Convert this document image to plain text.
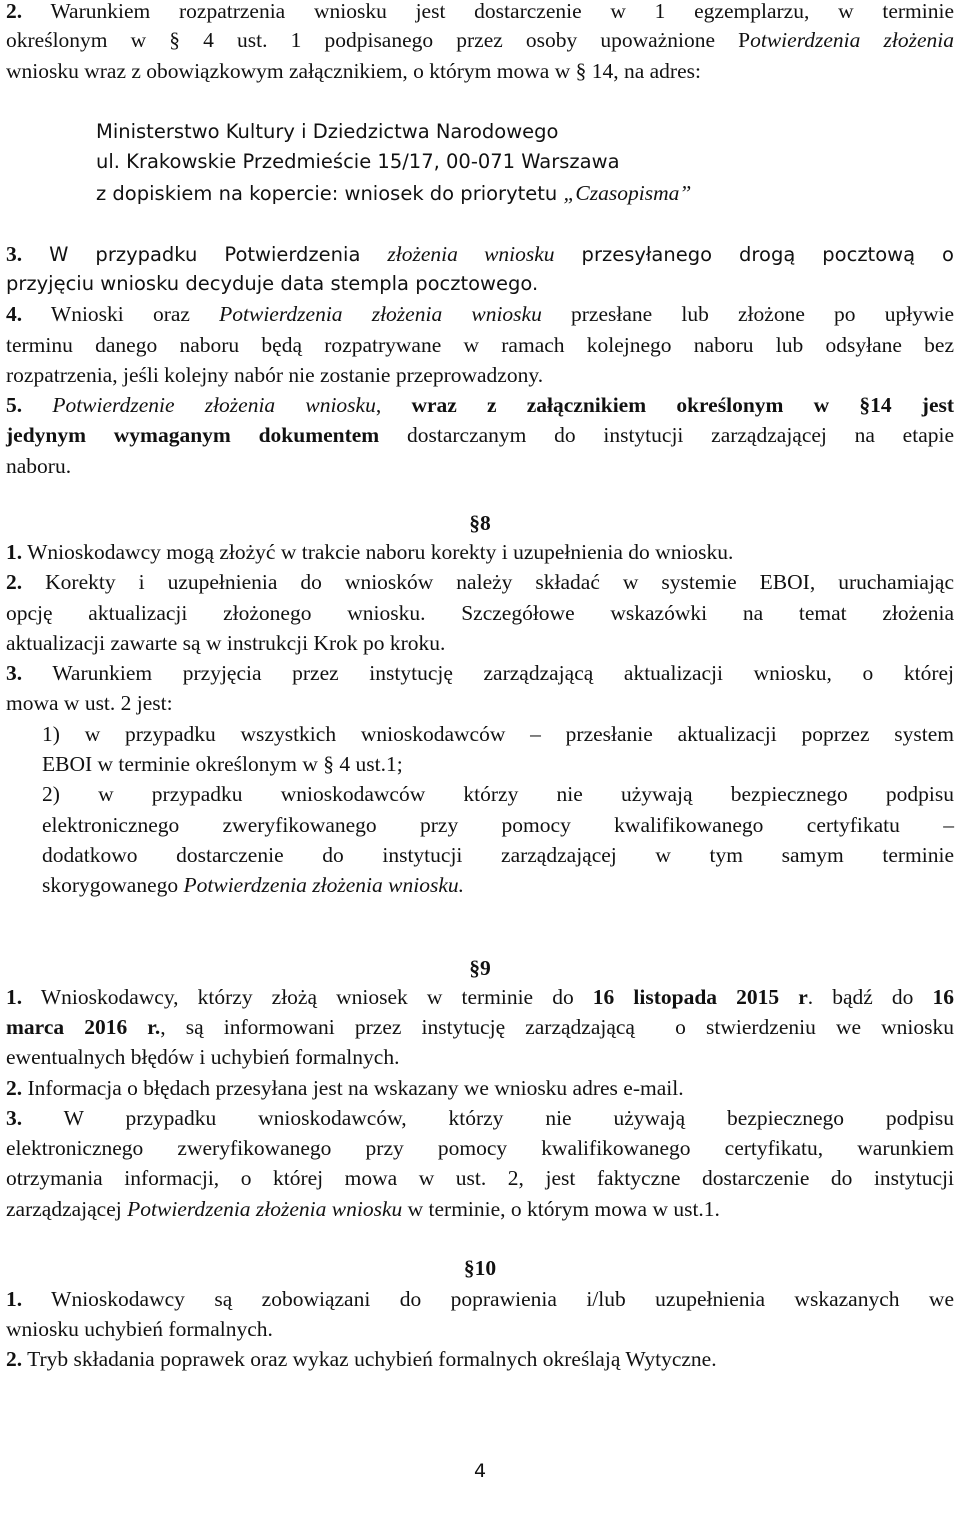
2. Warunkiem rozpatrzenia wniosku jest dostarczenie w 1 egzemplarzu, w terminie
określonym w § 4 ust. 1 podpisanego przez osoby upoważnione Potwierdzenia złożenia
wniosku wraz z obowiązkowym załącznikiem, o którym mowa w § 14, na adres:
Ministerstwo Kultury i Dziedzictwa Narodowego
ul. Krakowskie Przedmieście 15/17, 00-071 Warszawa
z dopiskiem na kopercie: wniosek do priorytetu „Czasopisma”
3. W przypadku Potwierdzenia złożenia wniosku przesyłanego drogą pocztową o
przyjęciu wniosku decyduje data stempla pocztowego.
4. Wnioski oraz Potwierdzenia złożenia wniosku przesłane lub złożone po upływie
terminu danego naboru będą rozpatrywane w ramach kolejnego naboru lub odsyłane bez
rozpatrzenia, jeśli kolejny nabór nie zostanie przeprowadzony.
5. Potwierdzenie złożenia wniosku, wraz z załącznikiem określonym w §14 jest
jedynym wymaganym dokumentem dostarczanym do instytucji zarządzającej na etapie
naboru.
§8
1. Wnioskodawcy mogą złożyć w trakcie naboru korekty i uzupełnienia do wniosku.
2. Korekty i uzupełnienia do wniosków należy składać w systemie EBOI, uruchamiając
opcję aktualizacji złożonego wniosku. Szczegółowe wskazówki na temat złożenia
aktualizacji zawarte są w instrukcji Krok po kroku.
3. Warunkiem przyjęcia przez instytucję zarządzającą aktualizacji wniosku, o której
mowa w ust. 2 jest:
1) w przypadku wszystkich wnioskodawców – przesłanie aktualizacji poprzez system
EBOI w terminie określonym w § 4 ust.1;
2) w przypadku wnioskodawców którzy nie używają bezpiecznego podpisu
elektronicznego zweryfikowanego przy pomocy kwalifikowanego certyfikatu –
dodatkowo dostarczenie do instytucji zarządzającej w tym samym terminie
skorygowanego Potwierdzenia złożenia wniosku.
§9
1. Wnioskodawcy, którzy złożą wniosek w terminie do 16 listopada 2015 r. bądź do 16
marca 2016 r., są informowani przez instytucję zarządzającą  o stwierdzeniu we wniosku
ewentualnych błędów i uchybień formalnych.
2. Informacja o błędach przesyłana jest na wskazany we wniosku adres e-mail.
3. W przypadku wnioskodawców, którzy nie używają bezpiecznego podpisu
elektronicznego zweryfikowanego przy pomocy kwalifikowanego certyfikatu, warunkiem
otrzymania informacji, o której mowa w ust. 2, jest faktyczne dostarczenie do instytucji
zarządzającej Potwierdzenia złożenia wniosku w terminie, o którym mowa w ust.1.
§10
1. Wnioskodawcy są zobowiązani do poprawienia i/lub uzupełnienia wskazanych we
wniosku uchybień formalnych.
2. Tryb składania poprawek oraz wykaz uchybień formalnych określają Wytyczne.
4
